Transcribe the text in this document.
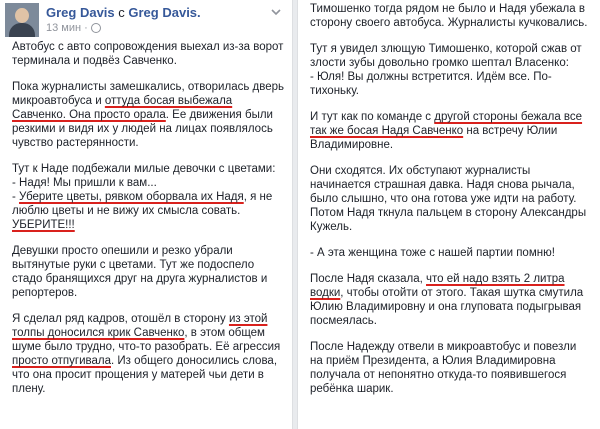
Greg Davis c Greg Davis.
13 мин ·

Автобус с авто сопровождения выехал из-за ворот терминала и подвёз Савченко.

Пока журналисты замешкались, отворилась дверь микроавтобуса и оттуда босая выбежала Савченко. Она просто орала. Ее движения были резкими и видя их у людей на лицах появлялось чувство растерянности.

Тут к Наде подбежали милые девочки с цветами:
- Надя! Мы пришли к вам...
- Уберите цветы, рявком оборвала их Надя, я не люблю цветы и не вижу их смысла совать. УБЕРИТЕ!!!

Девушки просто опешили и резко убрали вытянутые руки с цветами. Тут же подоспело стадо бранящихся друг на друга журналистов и репортеров.

Я сделал ряд кадров, отошёл в сторону из этой толпы доносился крик Савченко, в этом общем шуме было трудно, что-то разобрать. Её агрессия просто отпугивала. Из общего доносились слова, что она просит прощения у матерей чьи дети в плену.

Тимошенко тогда рядом не было и Надя убежала в сторону своего автобуса. Журналисты кучковались.

Тут я увидел злющую Тимошенко, которой сжав от злости зубы довольно громко шептал Власенко:
- Юля! Вы должны встретится. Идём все. По-тихоньку.

И тут как по команде с другой стороны бежала все так же босая Надя Савченко на встречу Юлии Владимировне.

Они сходятся. Их обступают журналисты начинается страшная давка. Надя снова рычала, было слышно, что она готова уже идти на работу. Потом Надя ткнула пальцем в сторону Александры Кужель.

- А эта женщина тоже с нашей партии помню!

После Надя сказала, что ей надо взять 2 литра водки, чтобы отойти от этого. Такая шутка смутила Юлию Владимировну и она глуповата подыгрывая посмеялась.

После Надежду отвели в микроавтобус и повезли на приём Президента, а Юлия Владимировна получала от непонятно откуда-то появившегося ребёнка шарик.
